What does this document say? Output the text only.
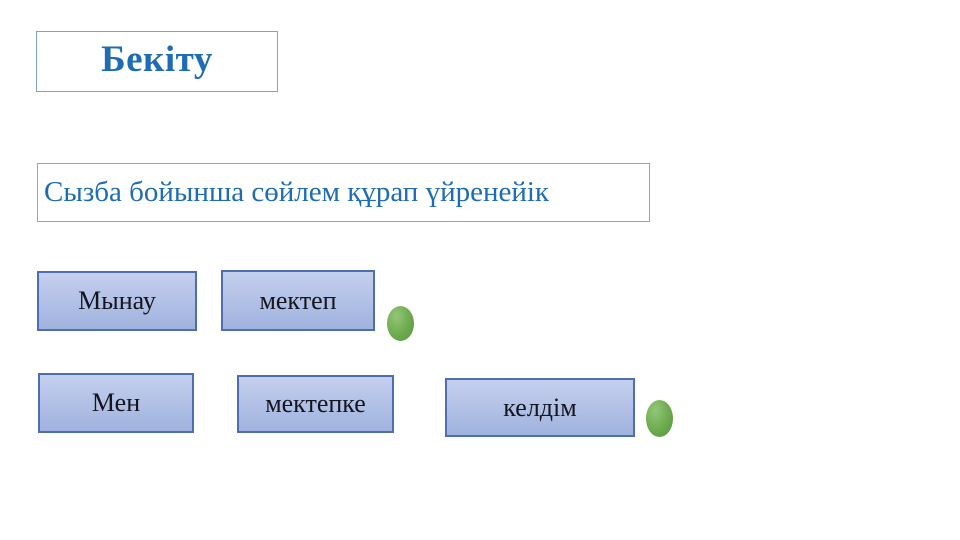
Бекіту
Сызба бойынша сөйлем құрап үйренейік
Мынау	мектеп
Мен	мектепке	келдім
